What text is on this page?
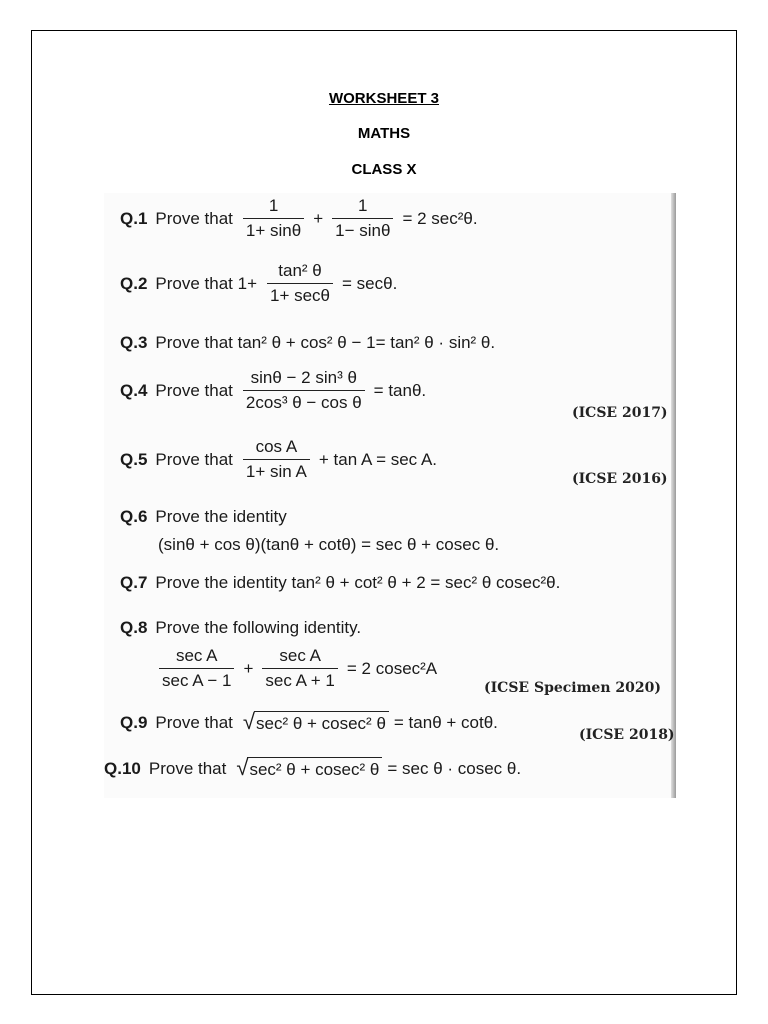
WORKSHEET 3
MATHS
CLASS X
Q.1 Prove that $\frac{1}{1+ \sin\theta} + \frac{1}{1- \sin\theta} = 2$ sec²θ.
Q.2 Prove that $1+ \frac{\text{tan² θ}}{1+ \sec\theta} = \sec\theta$.
Q.3 Prove that tan² θ + cos² θ − 1= tan² θ · sin² θ.
Q.4 Prove that $\frac{\text{sinθ − 2 sin³ θ}}{\text{2cos³ θ − cos θ}} = \tan\theta$.
(ICSE 2017)
Q.5 Prove that $\frac{\text{cos A}}{\text{1+ sin A}} + \tan A = \sec A$.
(ICSE 2016)
Q.6 Prove the identity
(sinθ + cos θ)(tanθ + cotθ) = sec θ + cosec θ.
Q.7 Prove the identity tan² θ + cot² θ + 2 = sec² θ cosec²θ.
Q.8 Prove the following identity.
$\frac{\text{sec A}}{\text{sec A − 1}} + \frac{\text{sec A}}{\text{sec A + 1}} = 2$ cosec²A
(ICSE Specimen 2020)
Q.9 Prove that √ sec² θ + cosec² θ = tanθ + cotθ.
(ICSE 2018)
Q.10 Prove that √ sec² θ + cosec² θ = sec θ · cosec θ.
